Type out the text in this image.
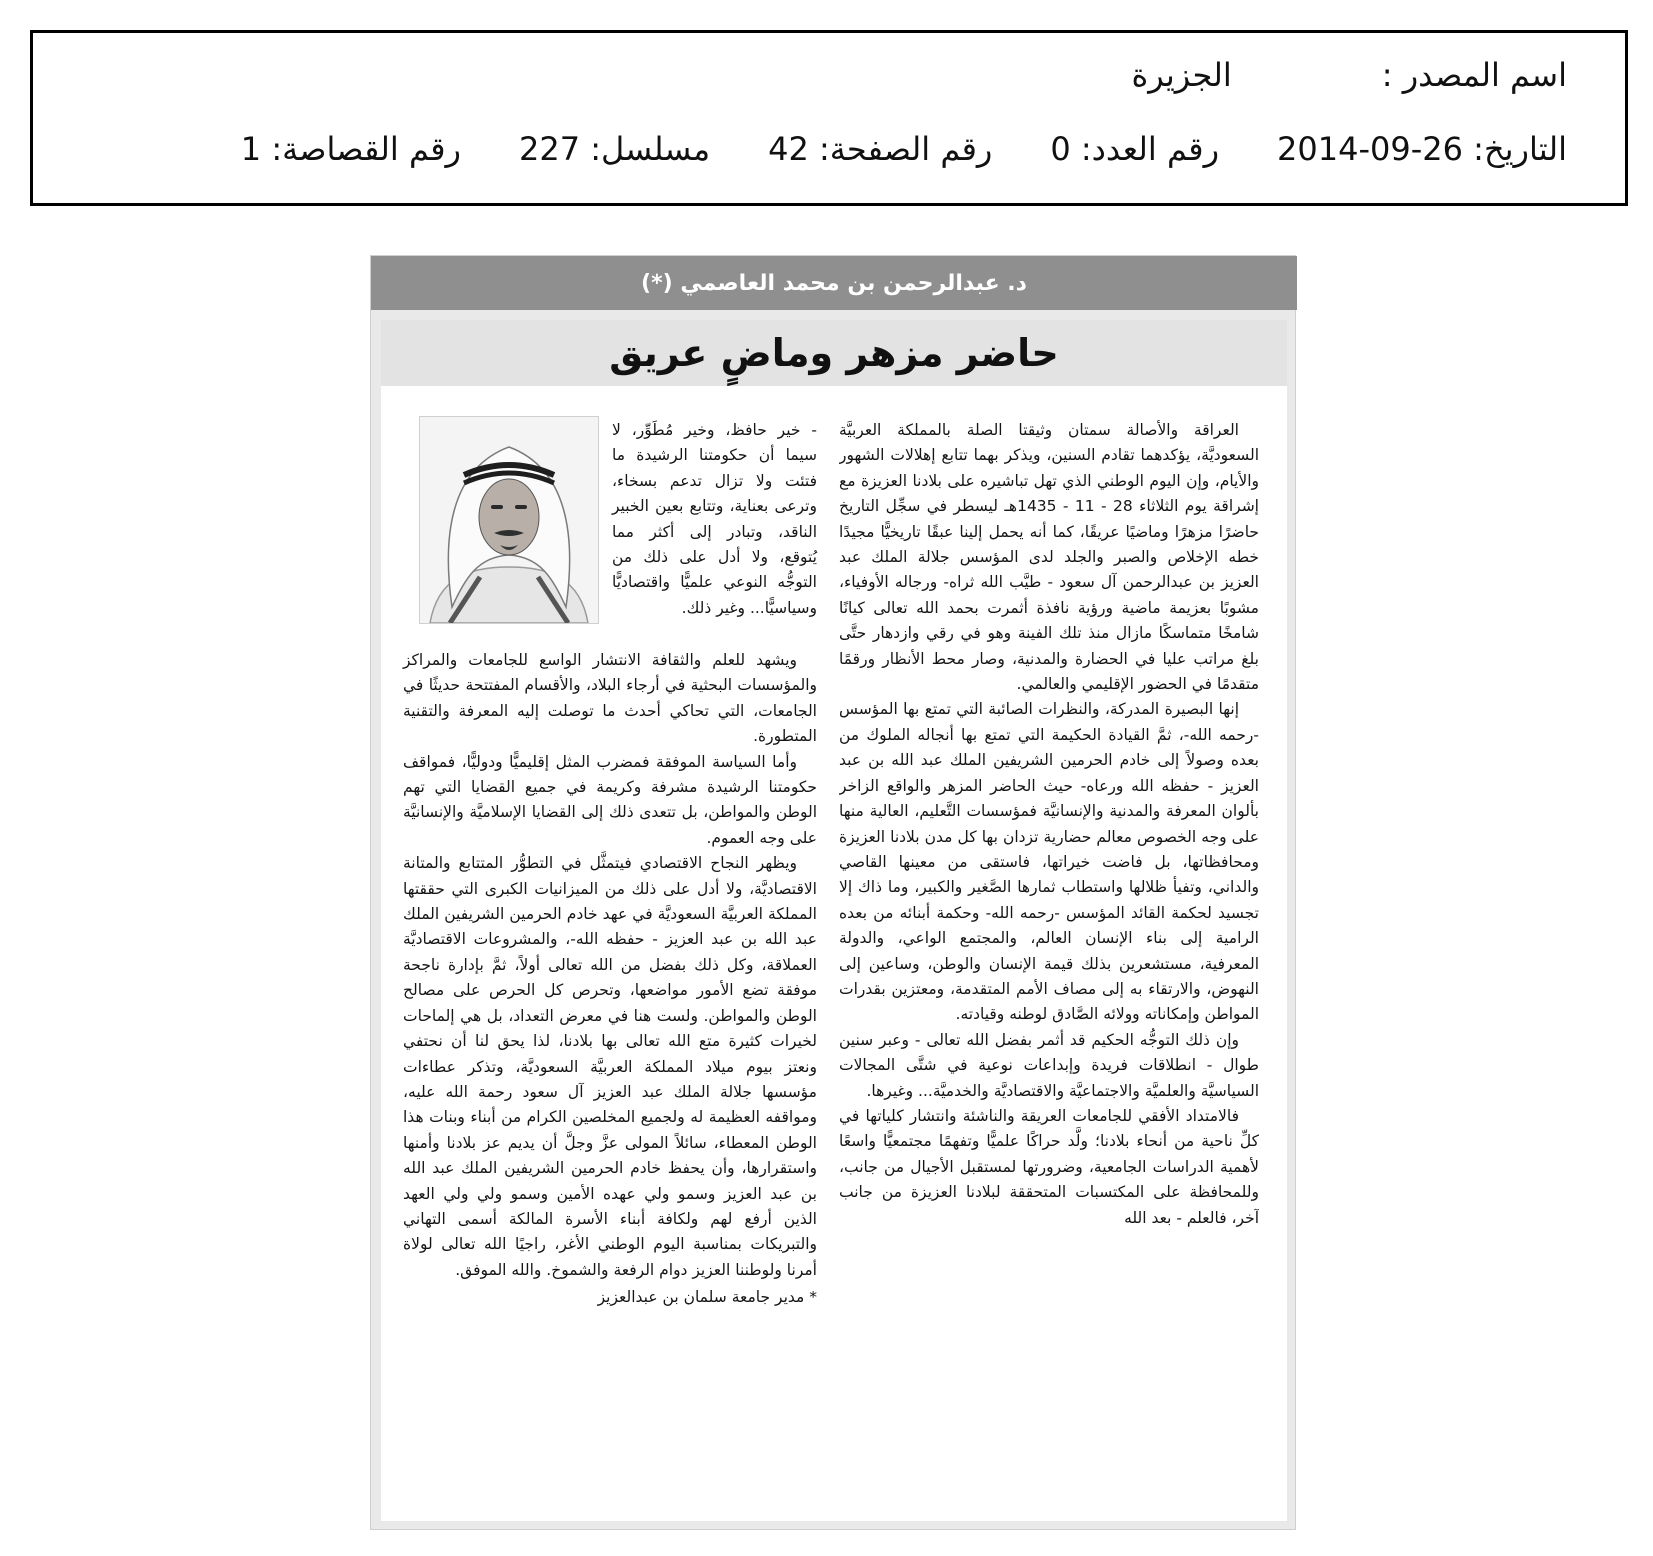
اسم المصدر :الجزيرة
التاريخ: 2014-09-26رقم العدد: 0رقم الصفحة: 42مسلسل: 227رقم القصاصة: 1
د. عبدالرحمن بن محمد العاصمي (*)
حاضر مزهر وماضٍ عريق

العراقة والأصالة سمتان وثيقتا الصلة بالمملكة العربيَّة السعوديَّة، يؤكدهما تقادم السنين، ويذكر بهما تتابع إهلالات الشهور والأيام، وإن اليوم الوطني الذي تهل تباشيره على بلادنا العزيزة مع إشراقة يوم الثلاثاء 28 - 11 - 1435هـ ليسطر في سجِّل التاريخ حاضرًا مزهرًا وماضيًا عريقًا، كما أنه يحمل إلينا عبقًا تاريخيًّا مجيدًا خطه الإخلاص والصبر والجلد لدى المؤسس جلالة الملك عبد العزيز بن عبدالرحمن آل سعود - طيَّب الله ثراه- ورجاله الأوفياء، مشوبًا بعزيمة ماضية ورؤية نافذة أثمرت بحمد الله تعالى كيانًا شامخًا متماسكًا مازال منذ تلك الفينة وهو في رقي وازدهار حتَّى بلغ مراتب عليا في الحضارة والمدنية، وصار محط الأنظار ورقمًا متقدمًا في الحضور الإقليمي والعالمي.

إنها البصيرة المدركة، والنظرات الصائبة التي تمتع بها المؤسس -رحمه الله-، ثمَّ القيادة الحكيمة التي تمتع بها أنجاله الملوك من بعده وصولاً إلى خادم الحرمين الشريفين الملك عبد الله بن عبد العزيز - حفظه الله ورعاه- حيث الحاضر المزهر والواقع الزاخر بألوان المعرفة والمدنية والإنسانيَّة فمؤسسات التَّعليم، العالية منها على وجه الخصوص معالم حضارية تزدان بها كل مدن بلادنا العزيزة ومحافظاتها، بل فاضت خيراتها، فاستقى من معينها القاصي والداني، وتفيأ ظلالها واستطاب ثمارها الصَّغير والكبير، وما ذاك إلا تجسيد لحكمة القائد المؤسس -رحمه الله- وحكمة أبنائه من بعده الرامية إلى بناء الإنسان العالم، والمجتمع الواعي، والدولة المعرفية، مستشعرين بذلك قيمة الإنسان والوطن، وساعين إلى النهوض، والارتقاء به إلى مصاف الأمم المتقدمة، ومعتزين بقدرات المواطن وإمكاناته وولائه الصَّادق لوطنه وقيادته.

وإن ذلك التوجُّه الحكيم قد أثمر بفضل الله تعالى - وعبر سنين طوال - انطلاقات فريدة وإبداعات نوعية في شتَّى المجالات السياسيَّة والعلميَّة والاجتماعيَّة والاقتصاديَّة والخدميَّة... وغيرها.

فالامتداد الأفقي للجامعات العريقة والناشئة وانتشار كلياتها في كلِّ ناحية من أنحاء بلادنا؛ ولَّد حراكًا علميًّا وتفهمًا مجتمعيًّا واسعًا لأهمية الدراسات الجامعية، وضرورتها لمستقبل الأجيال من جانب، وللمحافظة على المكتسبات المتحققة لبلادنا العزيزة من جانب آخر، فالعلم - بعد الله

- خير حافظ، وخير مُطَوِّر، لا سيما أن حكومتنا الرشيدة ما فتئت ولا تزال تدعم بسخاء، وترعى بعناية، وتتابع بعين الخبير الناقد، وتبادر إلى أكثر مما يُتوقع، ولا أدل على ذلك من التوجُّه النوعي علميًّا واقتصاديًّا وسياسيًّا... وغير ذلك.

ويشهد للعلم والثقافة الانتشار الواسع للجامعات والمراكز والمؤسسات البحثية في أرجاء البلاد، والأقسام المفتتحة حديثًا في الجامعات، التي تحاكي أحدث ما توصلت إليه المعرفة والتقنية المتطورة.

وأما السياسة الموفقة فمضرب المثل إقليميًّا ودوليًّا، فمواقف حكومتنا الرشيدة مشرفة وكريمة في جميع القضايا التي تهم الوطن والمواطن، بل تتعدى ذلك إلى القضايا الإسلاميَّة والإنسانيَّة على وجه العموم.

ويظهر النجاح الاقتصادي فيتمثَّل في التطوُّر المتتابع والمتانة الاقتصاديَّة، ولا أدل على ذلك من الميزانيات الكبرى التي حققتها المملكة العربيَّة السعوديَّة في عهد خادم الحرمين الشريفين الملك عبد الله بن عبد العزيز - حفظه الله-، والمشروعات الاقتصاديَّة العملاقة، وكل ذلك بفضل من الله تعالى أولاً، ثمَّ بإدارة ناجحة موفقة تضع الأمور مواضعها، وتحرص كل الحرص على مصالح الوطن والمواطن. ولست هنا في معرض التعداد، بل هي إلماحات لخيرات كثيرة متع الله تعالى بها بلادنا، لذا يحق لنا أن نحتفي ونعتز بيوم ميلاد المملكة العربيَّة السعوديَّة، وتذكر عطاءات مؤسسها جلالة الملك عبد العزيز آل سعود رحمة الله عليه، ومواقفه العظيمة له ولجميع المخلصين الكرام من أبناء وبنات هذا الوطن المعطاء، سائلاً المولى عزَّ وجلَّ أن يديم عز بلادنا وأمنها واستقرارها، وأن يحفظ خادم الحرمين الشريفين الملك عبد الله بن عبد العزيز وسمو ولي عهده الأمين وسمو ولي ولي العهد الذين أرفع لهم ولكافة أبناء الأسرة المالكة أسمى التهاني والتبريكات بمناسبة اليوم الوطني الأغر، راجيًا الله تعالى لولاة أمرنا ولوطننا العزيز دوام الرفعة والشموخ. والله الموفق.

* مدير جامعة سلمان بن عبدالعزيز
